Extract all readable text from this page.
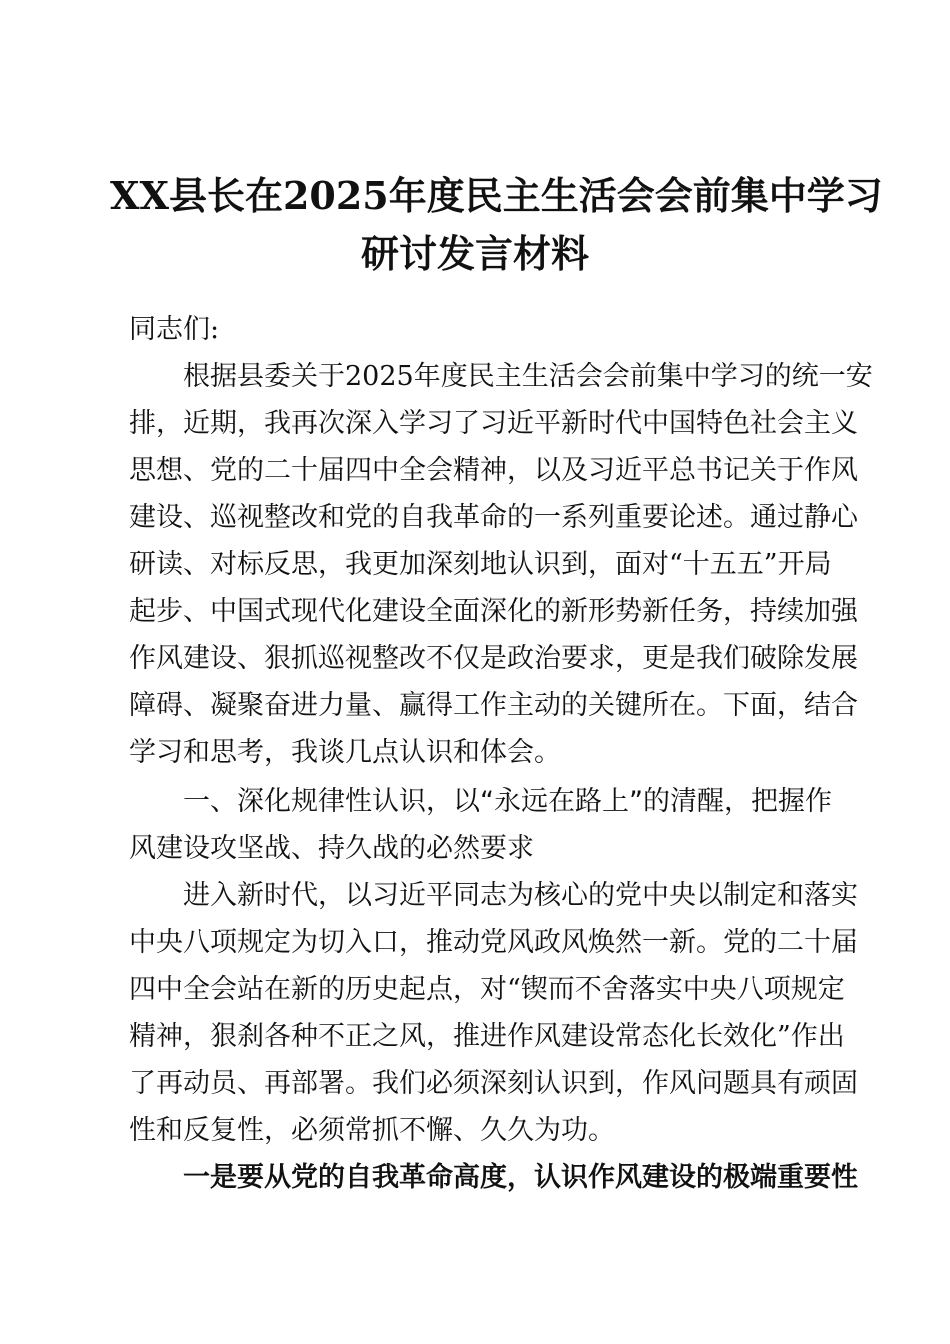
XX县长在2025年度民主生活会会前集中学习
研讨发言材料
同志们:
根据县委关于2025年度民主生活会会前集中学习的统一安
排，近期，我再次深入学习了习近平新时代中国特色社会主义
思想、党的二十届四中全会精神，以及习近平总书记关于作风
建设、巡视整改和党的自我革命的一系列重要论述。通过静心
研读、对标反思，我更加深刻地认识到，面对“十五五”开局
起步、中国式现代化建设全面深化的新形势新任务，持续加强
作风建设、狠抓巡视整改不仅是政治要求，更是我们破除发展
障碍、凝聚奋进力量、赢得工作主动的关键所在。下面，结合
学习和思考，我谈几点认识和体会。
一、深化规律性认识，以“永远在路上”的清醒，把握作
风建设攻坚战、持久战的必然要求
进入新时代，以习近平同志为核心的党中央以制定和落实
中央八项规定为切入口，推动党风政风焕然一新。党的二十届
四中全会站在新的历史起点，对“锲而不舍落实中央八项规定
精神，狠刹各种不正之风，推进作风建设常态化长效化”作出
了再动员、再部署。我们必须深刻认识到，作风问题具有顽固
性和反复性，必须常抓不懈、久久为功。
一是要从党的自我革命高度，认识作风建设的极端重要性
